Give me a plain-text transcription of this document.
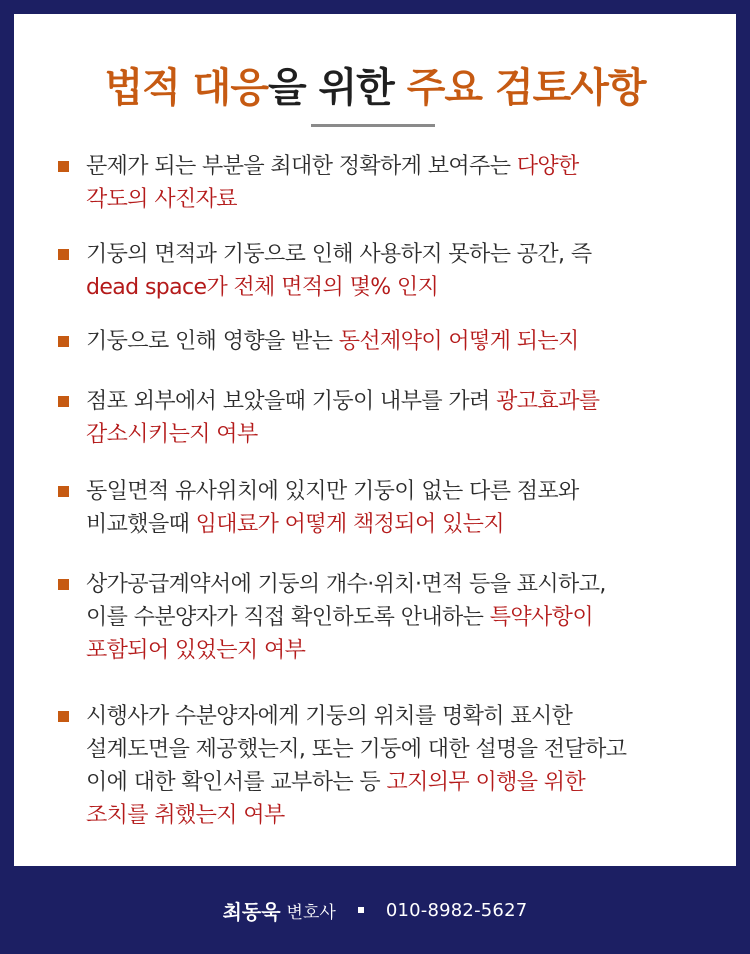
법적 대응을 위한 주요 검토사항
문제가 되는 부분을 최대한 정확하게 보여주는 다양한
각도의 사진자료
기둥의 면적과 기둥으로 인해 사용하지 못하는 공간, 즉
dead space가 전체 면적의 몇% 인지
기둥으로 인해 영향을 받는 동선제약이 어떻게 되는지
점포 외부에서 보았을때 기둥이 내부를 가려 광고효과를
감소시키는지 여부
동일면적 유사위치에 있지만 기둥이 없는 다른 점포와
비교했을때 임대료가 어떻게 책정되어 있는지
상가공급계약서에 기둥의 개수·위치·면적 등을 표시하고,
이를 수분양자가 직접 확인하도록 안내하는 특약사항이
포함되어 있었는지 여부
시행사가 수분양자에게 기둥의 위치를 명확히 표시한
설계도면을 제공했는지, 또는 기둥에 대한 설명을 전달하고
이에 대한 확인서를 교부하는 등 고지의무 이행을 위한
조치를 취했는지 여부
최동욱 변호사	010-8982-5627
